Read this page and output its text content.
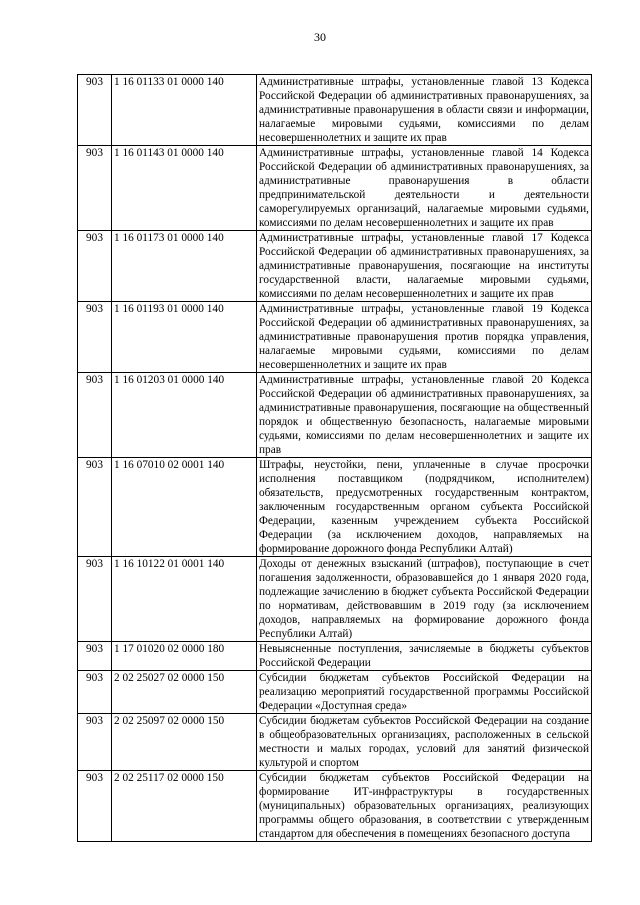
30
903	1 16 01133 01 0000 140	Административные штрафы, установленные главой 13 Кодекса Российской Федерации об административных правонарушениях, за административные правонарушения в области связи и информации, налагаемые мировыми судьями, комиссиями по делам несовершеннолетних и защите их прав
903	1 16 01143 01 0000 140	Административные штрафы, установленные главой 14 Кодекса Российской Федерации об административных правонарушениях, за административные правонарушения в области предпринимательской деятельности и деятельности саморегулируемых организаций, налагаемые мировыми судьями, комиссиями по делам несовершеннолетних и защите их прав
903	1 16 01173 01 0000 140	Административные штрафы, установленные главой 17 Кодекса Российской Федерации об административных правонарушениях, за административные правонарушения, посягающие на институты государственной власти, налагаемые мировыми судьями, комиссиями по делам несовершеннолетних и защите их прав
903	1 16 01193 01 0000 140	Административные штрафы, установленные главой 19 Кодекса Российской Федерации об административных правонарушениях, за административные правонарушения против порядка управления, налагаемые мировыми судьями, комиссиями по делам несовершеннолетних и защите их прав
903	1 16 01203 01 0000 140	Административные штрафы, установленные главой 20 Кодекса Российской Федерации об административных правонарушениях, за административные правонарушения, посягающие на общественный порядок и общественную безопасность, налагаемые мировыми судьями, комиссиями по делам несовершеннолетних и защите их прав
903	1 16 07010 02 0001 140	Штрафы, неустойки, пени, уплаченные в случае просрочки исполнения поставщиком (подрядчиком, исполнителем) обязательств, предусмотренных государственным контрактом, заключенным государственным органом субъекта Российской Федерации, казенным учреждением субъекта Российской Федерации (за исключением доходов, направляемых на формирование дорожного фонда Республики Алтай)
903	1 16 10122 01 0001 140	Доходы от денежных взысканий (штрафов), поступающие в счет погашения задолженности, образовавшейся до 1 января 2020 года, подлежащие зачислению в бюджет субъекта Российской Федерации по нормативам, действовавшим в 2019 году (за исключением доходов, направляемых на формирование дорожного фонда Республики Алтай)
903	1 17 01020 02 0000 180	Невыясненные поступления, зачисляемые в бюджеты субъектов Российской Федерации
903	2 02 25027 02 0000 150	Субсидии бюджетам субъектов Российской Федерации на реализацию мероприятий государственной программы Российской Федерации «Доступная среда»
903	2 02 25097 02 0000 150	Субсидии бюджетам субъектов Российской Федерации на создание в общеобразовательных организациях, расположенных в сельской местности и малых городах, условий для занятий физической культурой и спортом
903	2 02 25117 02 0000 150	Субсидии бюджетам субъектов Российской Федерации на формирование ИТ-инфраструктуры в государственных (муниципальных) образовательных организациях, реализующих программы общего образования, в соответствии с утвержденным стандартом для обеспечения в помещениях безопасного доступа
